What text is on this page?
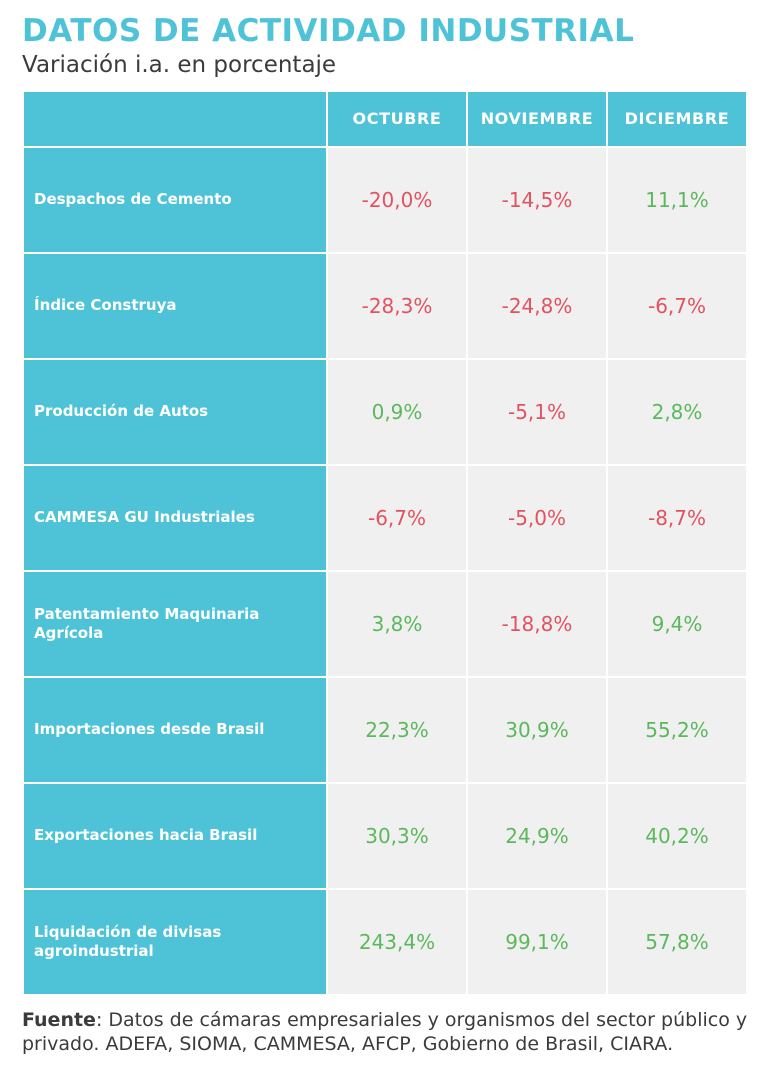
DATOS DE ACTIVIDAD INDUSTRIAL
Variación i.a. en porcentaje
	OCTUBRE	NOVIEMBRE	DICIEMBRE
Despachos de Cemento	-20,0%	-14,5%	11,1%
Índice Construya	-28,3%	-24,8%	-6,7%
Producción de Autos	0,9%	-5,1%	2,8%
CAMMESA GU Industriales	-6,7%	-5,0%	-8,7%
Patentamiento Maquinaria Agrícola	3,8%	-18,8%	9,4%
Importaciones desde Brasil	22,3%	30,9%	55,2%
Exportaciones hacia Brasil	30,3%	24,9%	40,2%
Liquidación de divisas agroindustrial	243,4%	99,1%	57,8%
Fuente: Datos de cámaras empresariales y organismos del sector público y privado. ADEFA, SIOMA, CAMMESA, AFCP, Gobierno de Brasil, CIARA.
